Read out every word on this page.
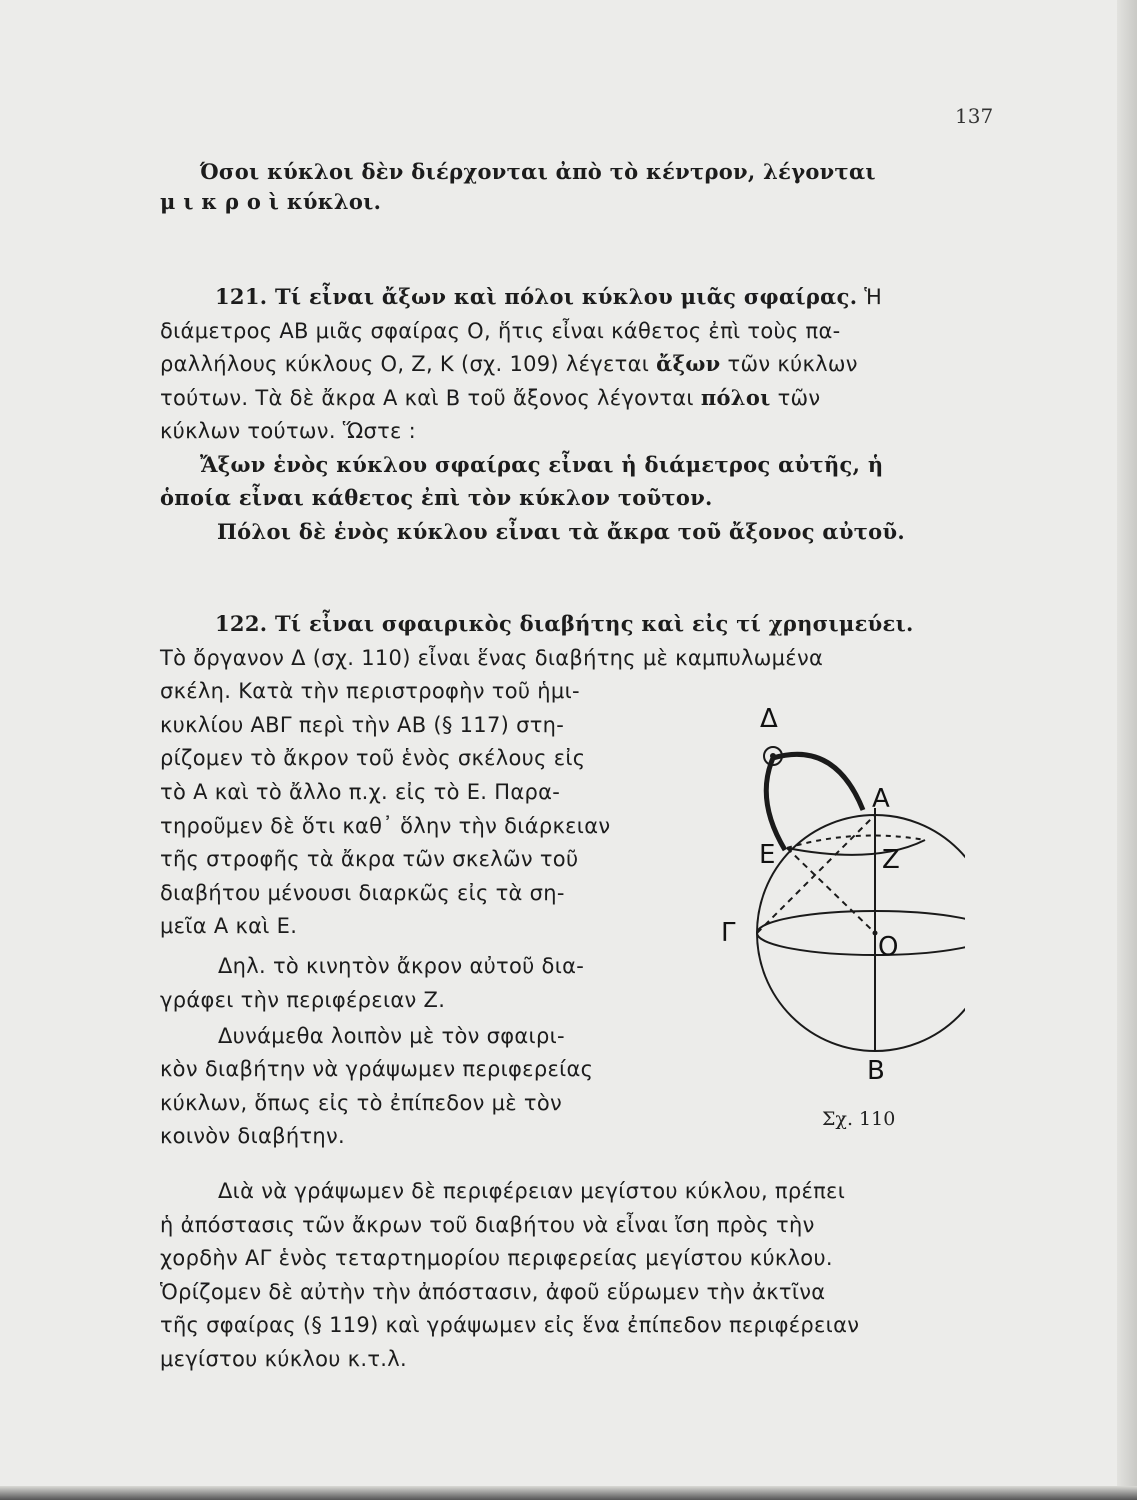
137
Όσοι κύκλοι δὲν διέρχονται ἀπὸ τὸ κέντρον, λέγονται
μ ι κ ρ ο ὶ κύκλοι.
121. Τί εἶναι ἄξων καὶ πόλοι κύκλου μιᾶς σφαίρας. Ἡ
διάμετρος ΑΒ μιᾶς σφαίρας Ο, ἥτις εἶναι κάθετος ἐπὶ τοὺς πα-
ραλλήλους κύκλους Ο, Ζ, Κ (σχ. 109) λέγεται ἄξων τῶν κύκλων
τούτων. Τὰ δὲ ἄκρα Α καὶ Β τοῦ ἄξονος λέγονται πόλοι τῶν
κύκλων τούτων. Ὥστε :
Ἄξων ἑνὸς κύκλου σφαίρας εἶναι ἡ διάμετρος αὐτῆς, ἡ
ὁποία εἶναι κάθετος ἐπὶ τὸν κύκλον τοῦτον.
Πόλοι δὲ ἑνὸς κύκλου εἶναι τὰ ἄκρα τοῦ ἄξονος αὐτοῦ.
122. Τί εἶναι σφαιρικὸς διαβήτης καὶ εἰς τί χρησιμεύει.
Τὸ ὄργανον Δ (σχ. 110) εἶναι ἕνας διαβήτης μὲ καμπυλωμένα
σκέλη. Κατὰ τὴν περιστροφὴν τοῦ ἡμι-
κυκλίου ΑΒΓ περὶ τὴν ΑΒ (§ 117) στη-
ρίζομεν τὸ ἄκρον τοῦ ἑνὸς σκέλους εἰς
τὸ Α καὶ τὸ ἄλλο π.χ. εἰς τὸ Ε. Παρα-
τηροῦμεν δὲ ὅτι καθ᾿ ὅλην τὴν διάρκειαν
τῆς στροφῆς τὰ ἄκρα τῶν σκελῶν τοῦ
διαβήτου μένουσι διαρκῶς εἰς τὰ ση-
μεῖα Α καὶ Ε.
Δηλ. τὸ κινητὸν ἄκρον αὐτοῦ δια-
γράφει τὴν περιφέρειαν Ζ.
Δυνάμεθα λοιπὸν μὲ τὸν σφαιρι-
κὸν διαβήτην νὰ γράψωμεν περιφερείας
κύκλων, ὅπως εἰς τὸ ἐπίπεδον μὲ τὸν
κοινὸν διαβήτην.
Διὰ νὰ γράψωμεν δὲ περιφέρειαν μεγίστου κύκλου, πρέπει
ἡ ἀπόστασις τῶν ἄκρων τοῦ διαβήτου νὰ εἶναι ἴση πρὸς τὴν
χορδὴν ΑΓ ἑνὸς τεταρτημορίου περιφερείας μεγίστου κύκλου.
Ὁρίζομεν δὲ αὐτὴν τὴν ἀπόστασιν, ἀφοῦ εὕρωμεν τὴν ἀκτῖνα
τῆς σφαίρας (§ 119) καὶ γράψωμεν εἰς ἕνα ἐπίπεδον περιφέρειαν
μεγίστου κύκλου κ.τ.λ.
Δ
Α
Ε	Ζ
Γ	Ο
Β
Σχ. 110
